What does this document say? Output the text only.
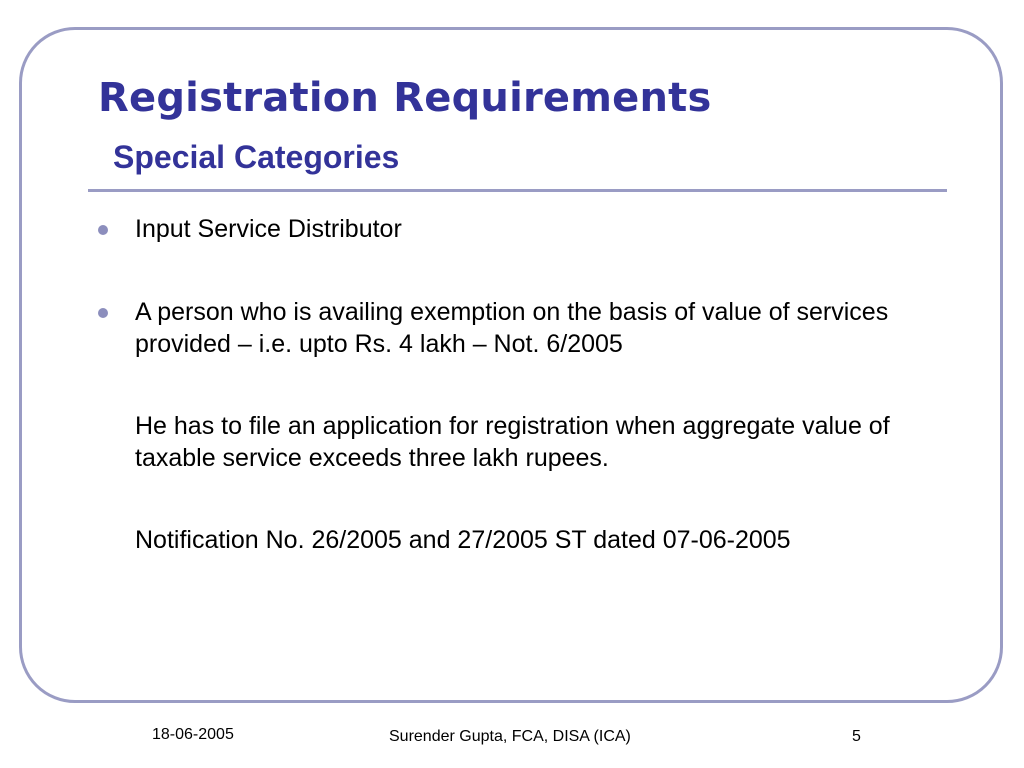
Registration Requirements
Special Categories
Input Service Distributor
A person who is availing exemption on the basis of value of services provided – i.e. upto Rs. 4 lakh – Not. 6/2005

He has to file an application for registration when aggregate value of taxable service exceeds three lakh rupees.

Notification No. 26/2005 and 27/2005 ST dated 07-06-2005

18-06-2005	Surender Gupta, FCA, DISA (ICA)	5
